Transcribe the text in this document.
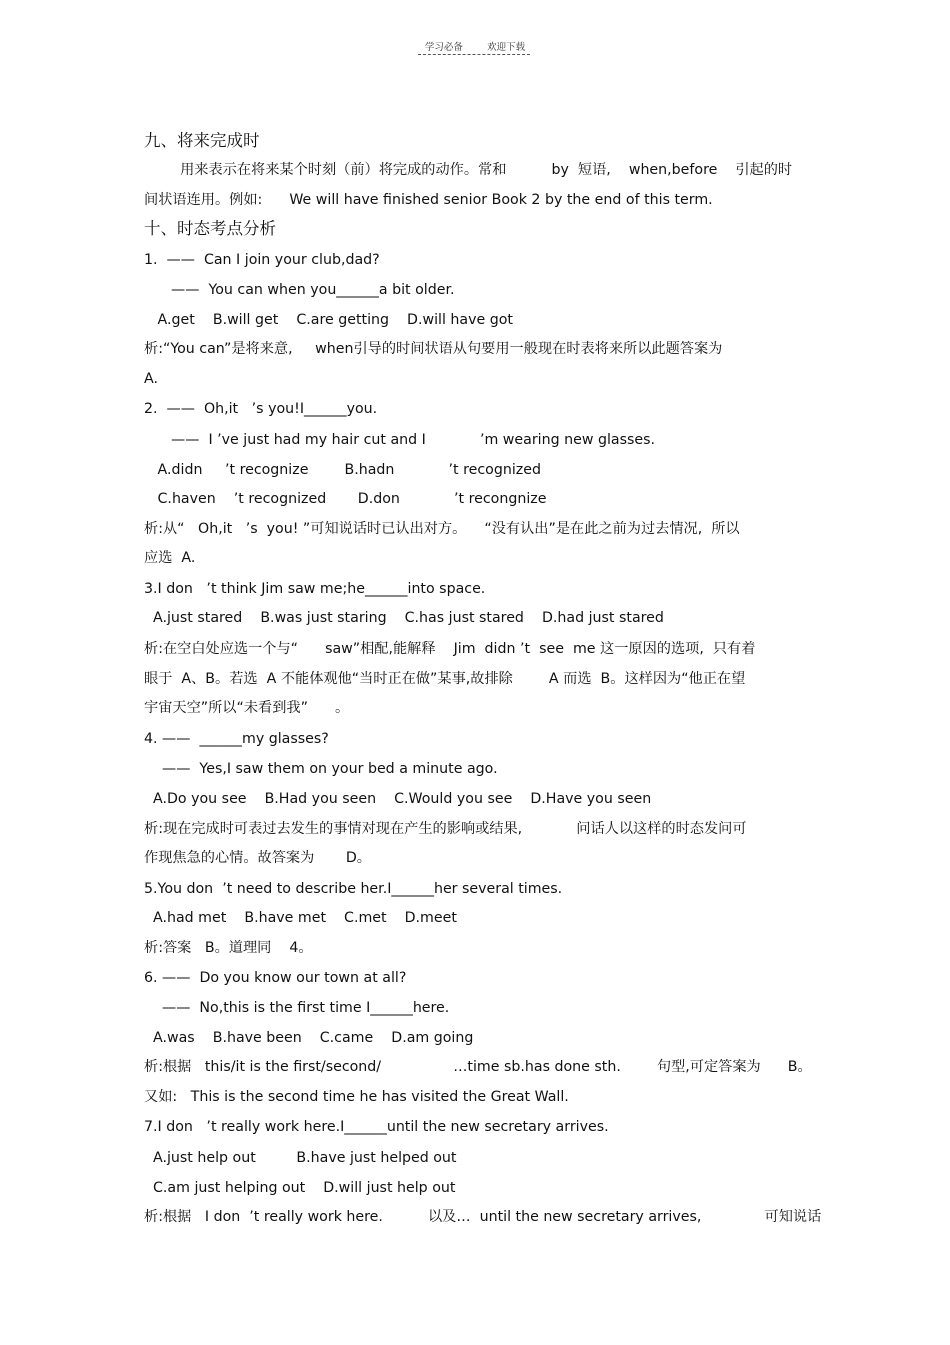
学习必备        欢迎下载
九、将来完成时
用来表示在将来某个时刻（前）将完成的动作。常和          by  短语,    when,before    引起的时
间状语连用。例如:      We will have finished senior Book 2 by the end of this term.
十、时态考点分析
1.  ——  Can I join your club,dad?
——  You can when you______a bit older.
A.get    B.will get    C.are getting    D.will have got
析:“You can”是将来意,     when引导的时间状语从句要用一般现在时表将来所以此题答案为
A.
2.  ——  Oh,it   ’s you!I______you.
——  I ’ve just had my hair cut and I            ’m wearing new glasses.
A.didn     ’t recognize        B.hadn            ’t recognized
C.haven    ’t recognized       D.don            ’t recongnize
析:从“   Oh,it   ’s  you! ”可知说话时已认出对方。    “没有认出”是在此之前为过去情况,  所以
应选  A.
3.I don   ’t think Jim saw me;he______into space.
A.just stared    B.was just staring    C.has just stared    D.had just stared
析:在空白处应选一个与“      saw”相配,能解释    Jim  didn ’t  see  me 这一原因的选项,  只有着
眼于  A、B。若选  A 不能体观他“当时正在做”某事,故排除        A 而选  B。这样因为“他正在望
宇宙天空”所以“未看到我”      。
4. ——  ______my glasses?
——  Yes,I saw them on your bed a minute ago.
A.Do you see    B.Had you seen    C.Would you see    D.Have you seen
析:现在完成时可表过去发生的事情对现在产生的影响或结果,            问话人以这样的时态发问可
作现焦急的心情。故答案为       D。
5.You don  ’t need to describe her.I______her several times.
A.had met    B.have met    C.met    D.meet
析:答案   B。道理同    4。
6. ——  Do you know our town at all?
——  No,this is the first time I______here.
A.was    B.have been    C.came    D.am going
析:根据   this/it is the first/second/                …time sb.has done sth.        句型,可定答案为      B。
又如:   This is the second time he has visited the Great Wall.
7.I don   ’t really work here.I______until the new secretary arrives.
A.just help out         B.have just helped out
C.am just helping out    D.will just help out
析:根据   I don  ’t really work here.          以及…  until the new secretary arrives,              可知说话
